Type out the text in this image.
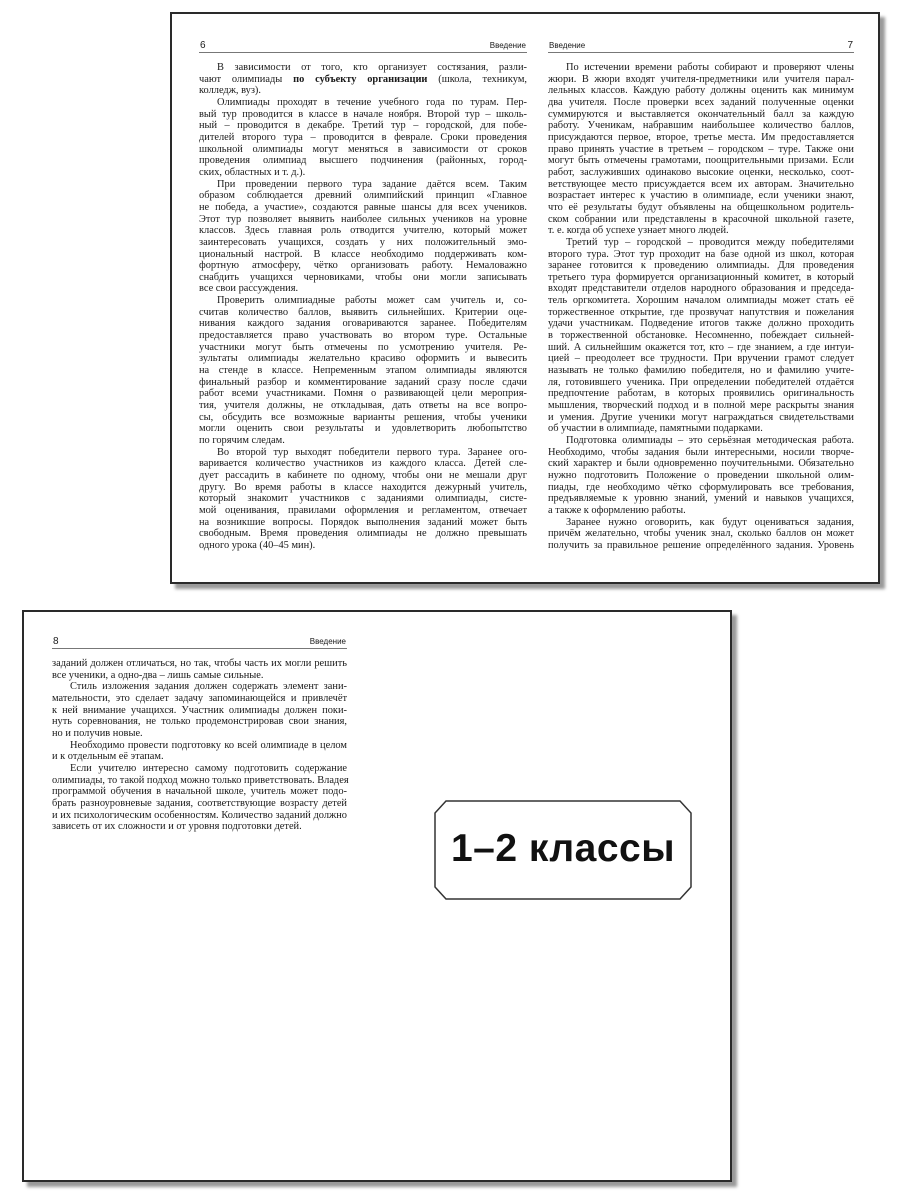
6	Введение
В зависимости от того, кто организует состязания, разли-
чают олимпиады по субъекту организации (школа, техникум,
колледж, вуз).
Олимпиады проходят в течение учебного года по турам. Пер-
вый тур проводится в классе в начале ноября. Второй тур – школь-
ный – проводится в декабре. Третий тур – городской, для побе-
дителей второго тура – проводится в феврале. Сроки проведения
школьной олимпиады могут меняться в зависимости от сроков
проведения олимпиад высшего подчинения (районных, город-
ских, областных и т. д.).
При проведении первого тура задание даётся всем. Таким
образом соблюдается древний олимпийский принцип «Главное
не победа, а участие», создаются равные шансы для всех учеников.
Этот тур позволяет выявить наиболее сильных учеников на уровне
классов. Здесь главная роль отводится учителю, который может
заинтересовать учащихся, создать у них положительный эмо-
циональный настрой. В классе необходимо поддерживать ком-
фортную атмосферу, чётко организовать работу. Немаловажно
снабдить учащихся черновиками, чтобы они могли записывать
все свои рассуждения.
Проверить олимпиадные работы может сам учитель и, со-
считав количество баллов, выявить сильнейших. Критерии оце-
нивания каждого задания оговариваются заранее. Победителям
предоставляется право участвовать во втором туре. Остальные
участники могут быть отмечены по усмотрению учителя. Ре-
зультаты олимпиады желательно красиво оформить и вывесить
на стенде в классе. Непременным этапом олимпиады являются
финальный разбор и комментирование заданий сразу после сдачи
работ всеми участниками. Помня о развивающей цели мероприя-
тия, учителя должны, не откладывая, дать ответы на все вопро-
сы, обсудить все возможные варианты решения, чтобы ученики
могли оценить свои результаты и удовлетворить любопытство
по горячим следам.
Во второй тур выходят победители первого тура. Заранее ого-
варивается количество участников из каждого класса. Детей сле-
дует рассадить в кабинете по одному, чтобы они не мешали друг
другу. Во время работы в классе находится дежурный учитель,
который знакомит участников с заданиями олимпиады, систе-
мой оценивания, правилами оформления и регламентом, отвечает
на возникшие вопросы. Порядок выполнения заданий может быть
свободным. Время проведения олимпиады не должно превышать
одного урока (40–45 мин).
Введение	7
По истечении времени работы собирают и проверяют члены
жюри. В жюри входят учителя-предметники или учителя парал-
лельных классов. Каждую работу должны оценить как минимум
два учителя. После проверки всех заданий полученные оценки
суммируются и выставляется окончательный балл за каждую
работу. Ученикам, набравшим наибольшее количество баллов,
присуждаются первое, второе, третье места. Им предоставляется
право принять участие в третьем – городском – туре. Также они
могут быть отмечены грамотами, поощрительными призами. Если
работ, заслуживших одинаково высокие оценки, несколько, соот-
ветствующее место присуждается всем их авторам. Значительно
возрастает интерес к участию в олимпиаде, если ученики знают,
что её результаты будут объявлены на общешкольном родитель-
ском собрании или представлены в красочной школьной газете,
т. е. когда об успехе узнает много людей.
Третий тур – городской – проводится между победителями
второго тура. Этот тур проходит на базе одной из школ, которая
заранее готовится к проведению олимпиады. Для проведения
третьего тура формируется организационный комитет, в который
входят представители отделов народного образования и председа-
тель оргкомитета. Хорошим началом олимпиады может стать её
торжественное открытие, где прозвучат напутствия и пожелания
удачи участникам. Подведение итогов также должно проходить
в торжественной обстановке. Несомненно, побеждает сильней-
ший. А сильнейшим окажется тот, кто – где знанием, а где интуи-
цией – преодолеет все трудности. При вручении грамот следует
называть не только фамилию победителя, но и фамилию учите-
ля, готовившего ученика. При определении победителей отдаётся
предпочтение работам, в которых проявились оригинальность
мышления, творческий подход и в полной мере раскрыты знания
и умения. Другие ученики могут награждаться свидетельствами
об участии в олимпиаде, памятными подарками.
Подготовка олимпиады – это серьёзная методическая работа.
Необходимо, чтобы задания были интересными, носили творче-
ский характер и были одновременно поучительными. Обязательно
нужно подготовить Положение о проведении школьной олим-
пиады, где необходимо чётко сформулировать все требования,
предъявляемые к уровню знаний, умений и навыков учащихся,
а также к оформлению работы.
Заранее нужно оговорить, как будут оцениваться задания,
причём желательно, чтобы ученик знал, сколько баллов он может
получить за правильное решение определённого задания. Уровень
8	Введение
заданий должен отличаться, но так, чтобы часть их могли решить
все ученики, а одно-два – лишь самые сильные.
Стиль изложения задания должен содержать элемент зани-
мательности, это сделает задачу запоминающейся и привлечёт
к ней внимание учащихся. Участник олимпиады должен поки-
нуть соревнования, не только продемонстрировав свои знания,
но и получив новые.
Необходимо провести подготовку ко всей олимпиаде в целом
и к отдельным её этапам.
Если учителю интересно самому подготовить содержание
олимпиады, то такой подход можно только приветствовать. Владея
программой обучения в начальной школе, учитель может подо-
брать разноуровневые задания, соответствующие возрасту детей
и их психологическим особенностям. Количество заданий должно
зависеть от их сложности и от уровня подготовки детей.
1–2 классы
